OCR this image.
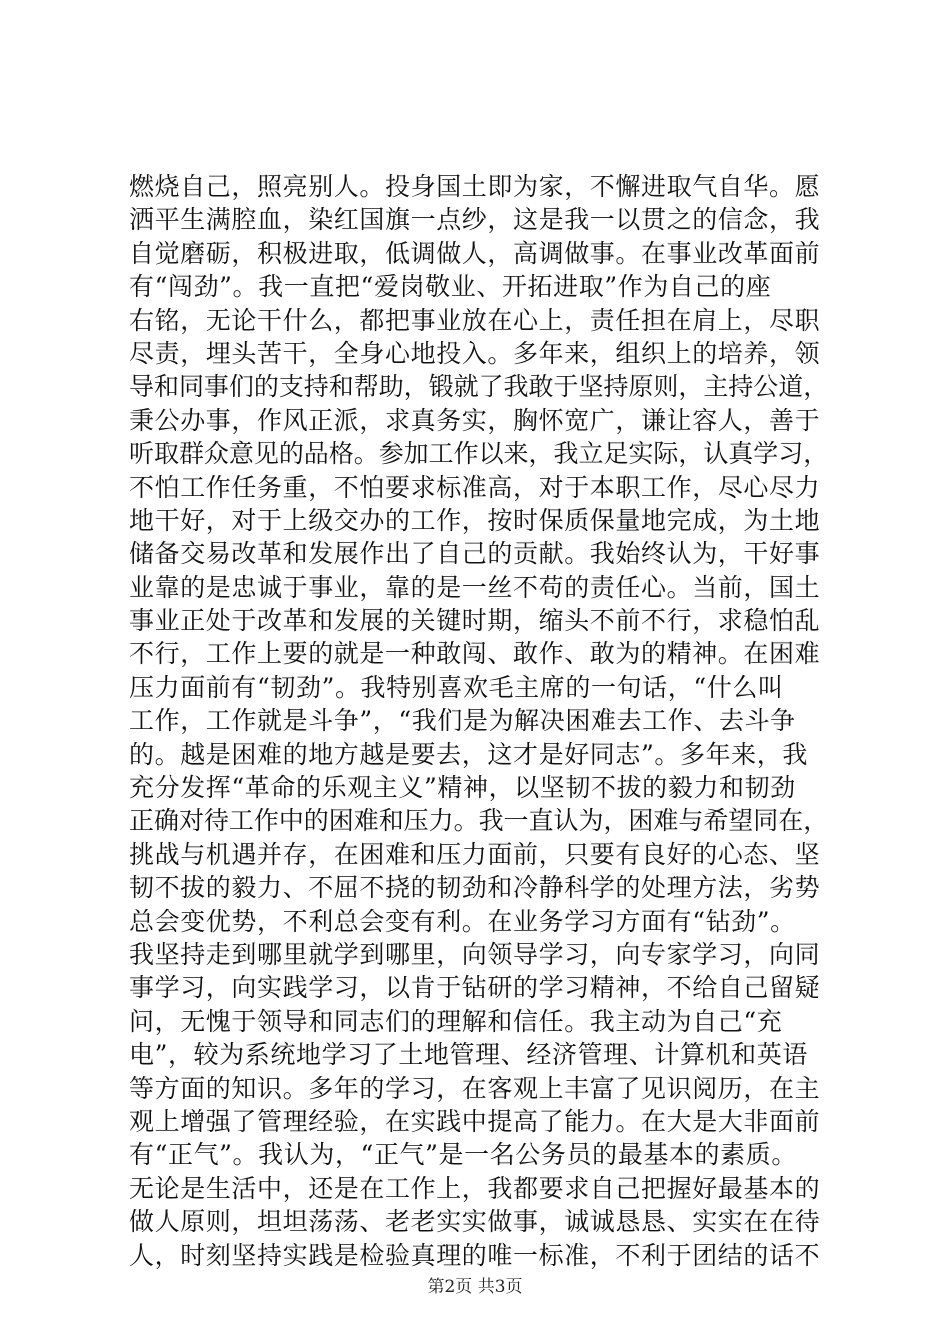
燃烧自己，照亮别人。投身国土即为家，不懈进取气自华。愿
洒平生满腔血，染红国旗一点纱，这是我一以贯之的信念，我
自觉磨砺，积极进取，低调做人，高调做事。在事业改革面前
有“闯劲”。我一直把“爱岗敬业、开拓进取”作为自己的座
右铭，无论干什么，都把事业放在心上，责任担在肩上，尽职
尽责，埋头苦干，全身心地投入。多年来，组织上的培养，领
导和同事们的支持和帮助，锻就了我敢于坚持原则，主持公道，
秉公办事，作风正派，求真务实，胸怀宽广，谦让容人，善于
听取群众意见的品格。参加工作以来，我立足实际，认真学习，
不怕工作任务重，不怕要求标准高，对于本职工作，尽心尽力
地干好，对于上级交办的工作，按时保质保量地完成，为土地
储备交易改革和发展作出了自己的贡献。我始终认为，干好事
业靠的是忠诚于事业，靠的是一丝不苟的责任心。当前，国土
事业正处于改革和发展的关键时期，缩头不前不行，求稳怕乱
不行，工作上要的就是一种敢闯、敢作、敢为的精神。在困难
压力面前有“韧劲”。我特别喜欢毛主席的一句话，“什么叫
工作，工作就是斗争”，“我们是为解决困难去工作、去斗争
的。越是困难的地方越是要去，这才是好同志”。多年来，我
充分发挥“革命的乐观主义”精神，以坚韧不拔的毅力和韧劲
正确对待工作中的困难和压力。我一直认为，困难与希望同在，
挑战与机遇并存，在困难和压力面前，只要有良好的心态、坚
韧不拔的毅力、不屈不挠的韧劲和冷静科学的处理方法，劣势
总会变优势，不利总会变有利。在业务学习方面有“钻劲”。
我坚持走到哪里就学到哪里，向领导学习，向专家学习，向同
事学习，向实践学习，以肯于钻研的学习精神，不给自己留疑
问，无愧于领导和同志们的理解和信任。我主动为自己“充
电”，较为系统地学习了土地管理、经济管理、计算机和英语
等方面的知识。多年的学习，在客观上丰富了见识阅历，在主
观上增强了管理经验，在实践中提高了能力。在大是大非面前
有“正气”。我认为，“正气”是一名公务员的最基本的素质。
无论是生活中，还是在工作上，我都要求自己把握好最基本的
做人原则，坦坦荡荡、老老实实做事，诚诚恳恳、实实在在待
人，时刻坚持实践是检验真理的唯一标准，不利于团结的话不
第2页 共3页
